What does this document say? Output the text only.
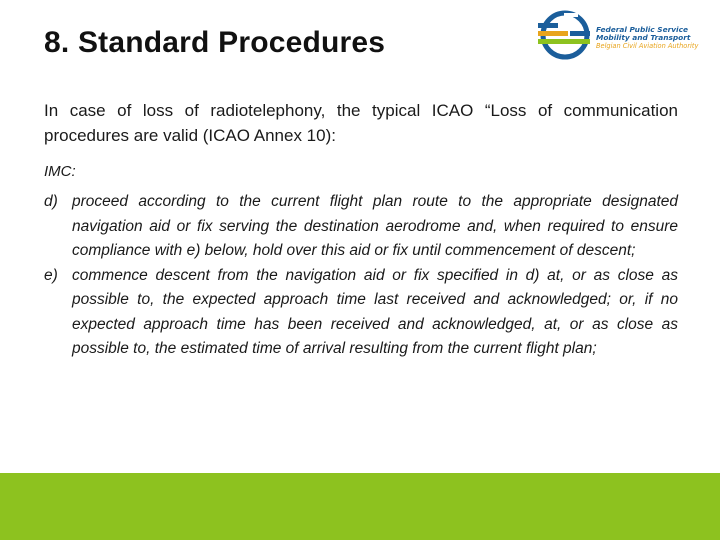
8. Standard Procedures	Federal Public Service
Mobility and Transport
Belgian Civil Aviation Authority

In case of loss of radiotelephony, the typical ICAO “Loss of communication procedures are valid (ICAO Annex 10):

IMC:

d) proceed according to the current flight plan route to the appropriate designated navigation aid or fix serving the destination aerodrome and, when required to ensure compliance with e) below, hold over this aid or fix until commencement of descent;
e) commence descent from the navigation aid or fix specified in d) at, or as close as possible to, the expected approach time last received and acknowledged; or, if no expected approach time has been received and acknowledged, at, or as close as possible to, the estimated time of arrival resulting from the current flight plan;
